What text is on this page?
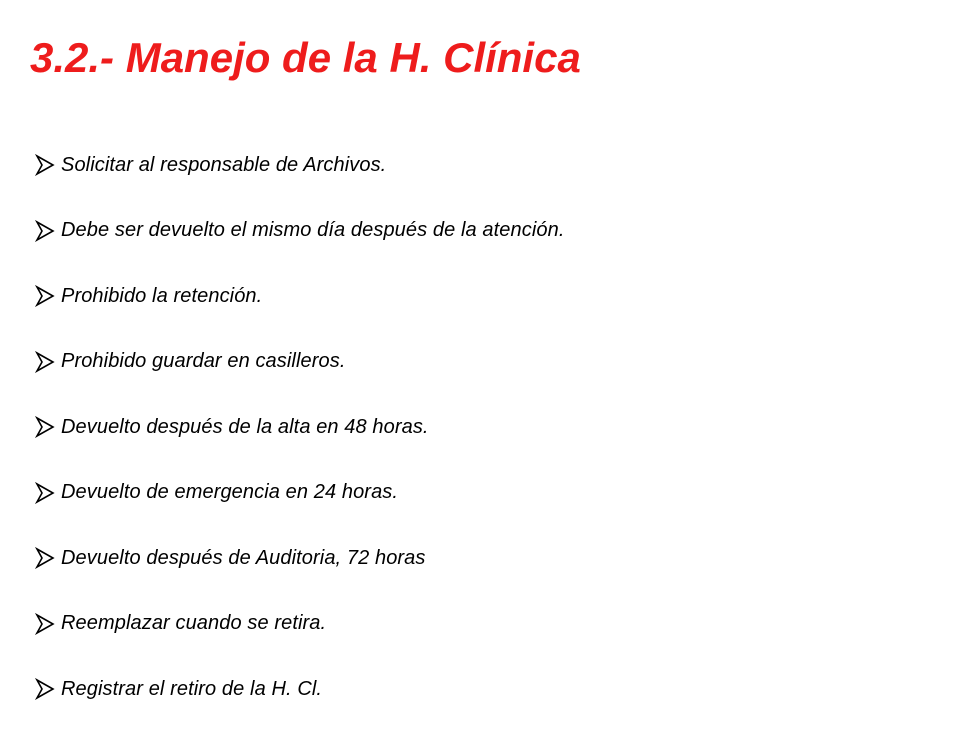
3.2.- Manejo de la H. Clínica
Solicitar al responsable de Archivos.
Debe ser devuelto el mismo día después de la atención.
Prohibido la retención.
Prohibido guardar en casilleros.
Devuelto después de la alta en 48 horas.
Devuelto de emergencia en 24 horas.
Devuelto después de Auditoria, 72 horas
Reemplazar cuando se retira.
Registrar el retiro de la H. Cl.
